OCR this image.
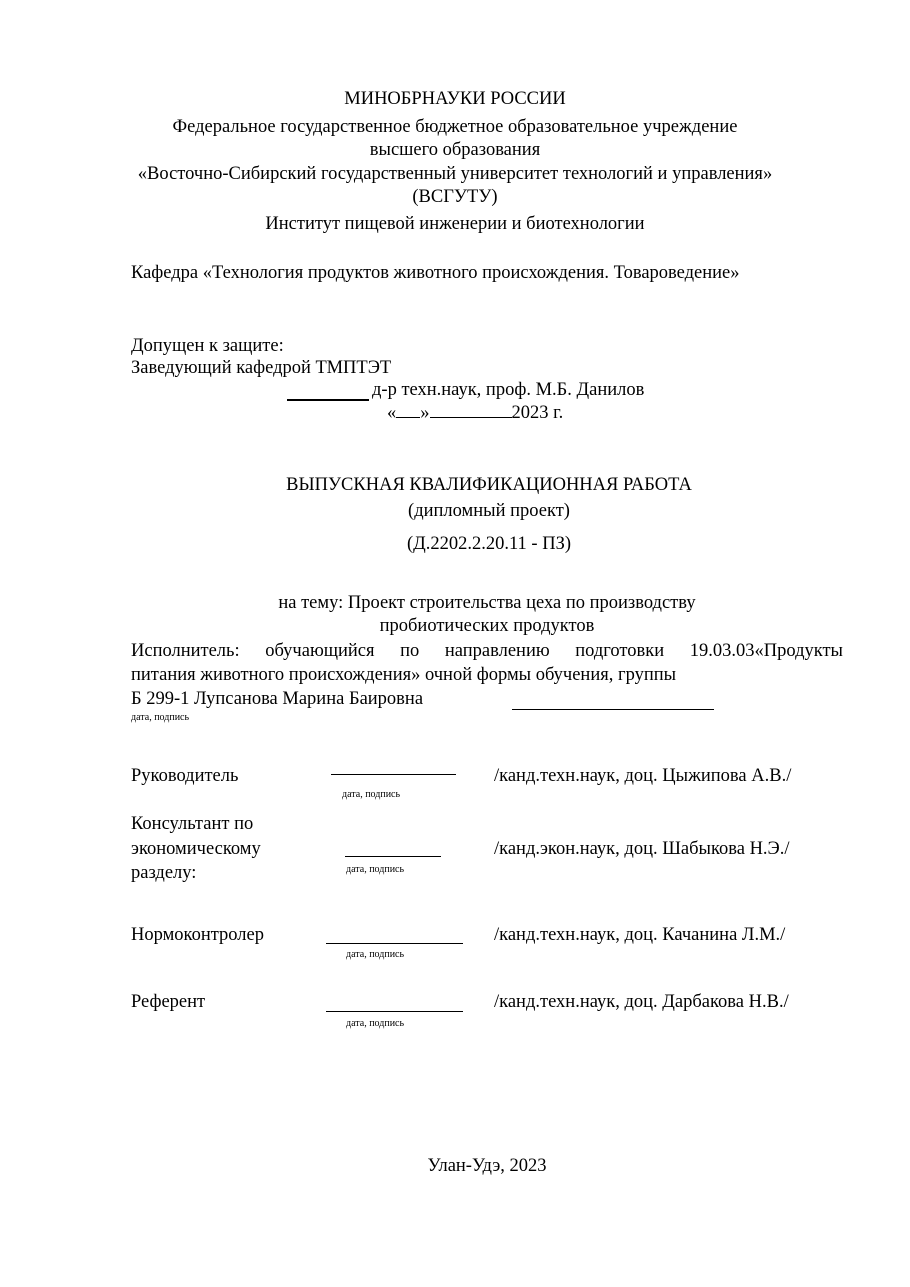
МИНОБРНАУКИ РОССИИ
Федеральное государственное бюджетное образовательное учреждение
высшего образования
«Восточно-Сибирский государственный университет технологий и управления»
(ВСГУТУ)
Институт пищевой инженерии и биотехнологии
Кафедра «Технология продуктов животного происхождения. Товароведение»
Допущен к защите:
Заведующий кафедрой ТМПТЭТ
д-р техн.наук, проф. М.Б. Данилов
« »	2023 г.
ВЫПУСКНАЯ КВАЛИФИКАЦИОННАЯ РАБОТА
(дипломный проект)
(Д.2202.2.20.11 - ПЗ)
на тему: Проект строительства цеха по производству
пробиотических продуктов
Исполнитель: обучающийся по направлению подготовки 19.03.03«Продукты
питания животного происхождения» очной формы обучения, группы
Б 299-1 Лупсанова Марина Баировна
дата, подпись
Руководитель
дата, подпись
/канд.техн.наук, доц. Цыжипова А.В./
Консультант по
экономическому
разделу:	дата, подпись
/канд.экон.наук, доц. Шабыкова Н.Э./
Нормоконтролер
дата, подпись
/канд.техн.наук, доц. Качанина Л.М./
Референт
дата, подпись
/канд.техн.наук, доц. Дарбакова Н.В./
Улан-Удэ, 2023
